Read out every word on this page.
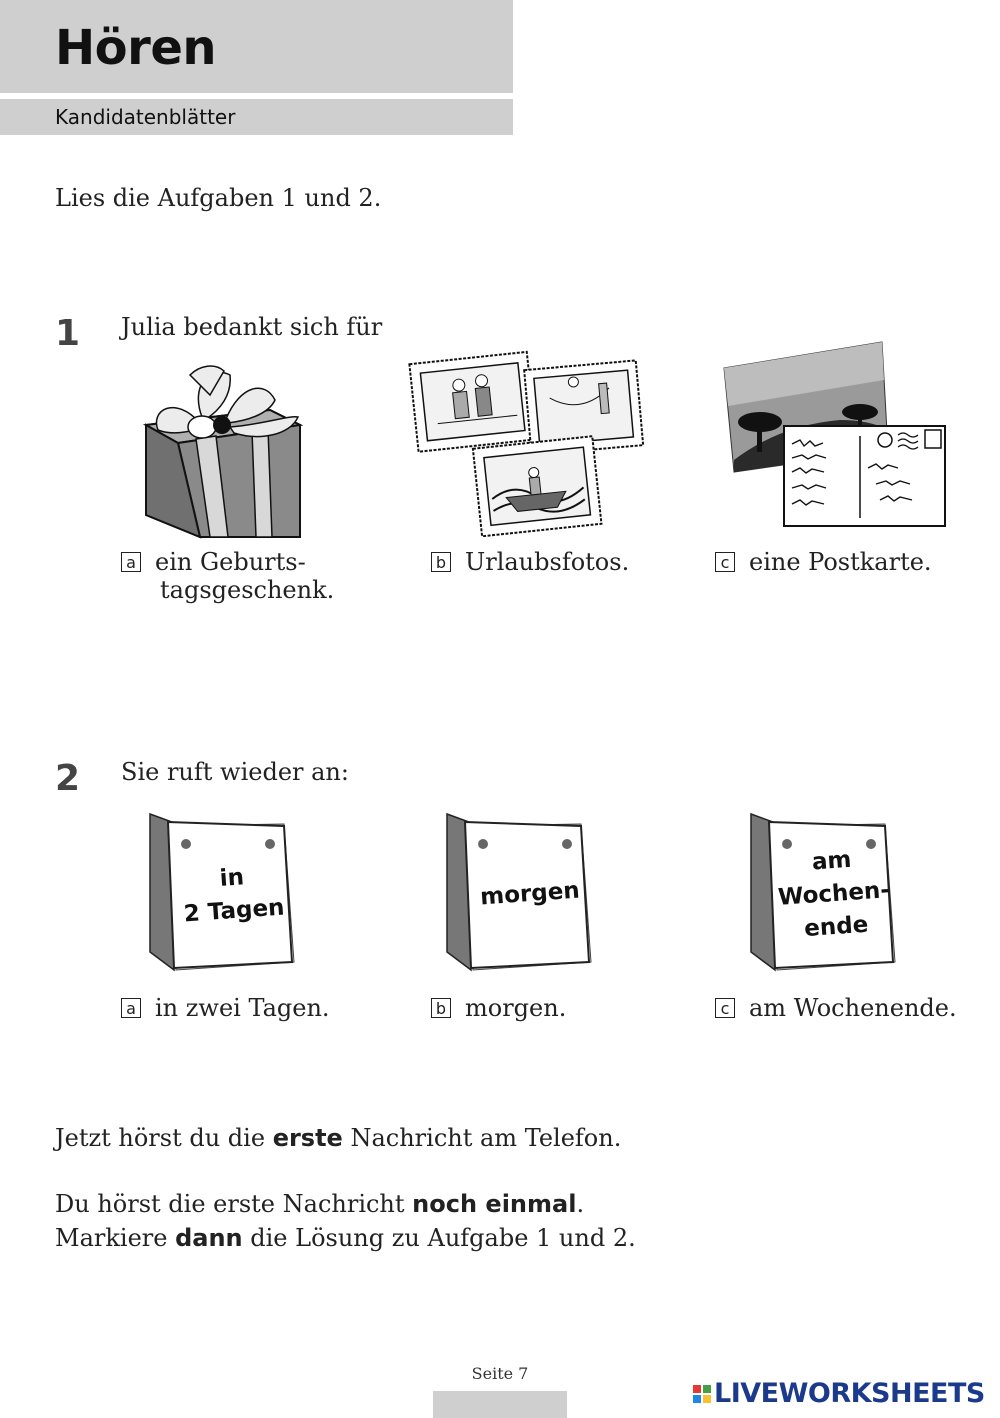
Hören
Kandidatenblätter
Lies die Aufgaben 1 und 2.
1 Julia bedankt sich für
a ein Geburts-
tagsgeschenk.
b Urlaubsfotos.	c eine Postkarte.
2 Sie ruft wieder an:
in
2 Tagen	morgen
am
Wochen-
ende
a in zwei Tagen.	b morgen.	c am Wochenende.
Jetzt hörst du die erste Nachricht am Telefon.
Du hörst die erste Nachricht noch einmal.
Markiere dann die Lösung zu Aufgabe 1 und 2.
Seite 7
LIVEWORKSHEETS
